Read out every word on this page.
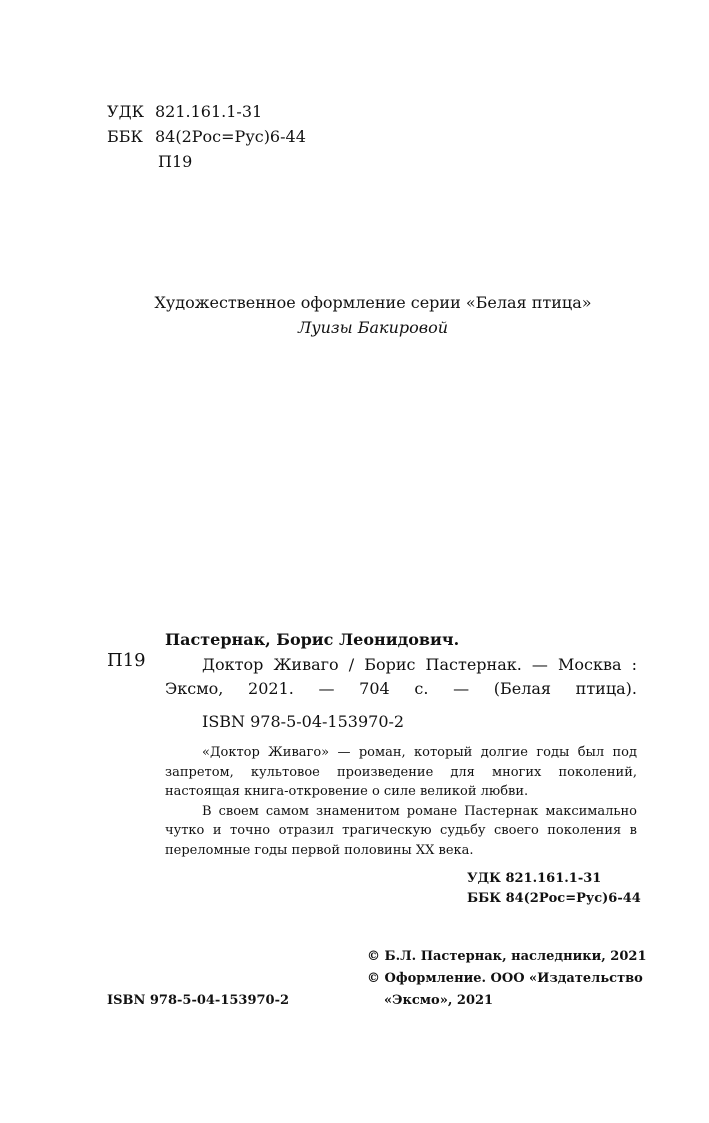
УДК 821.161.1-31
ББК 84(2Рос=Рус)6-44
П19
Художественное оформление серии «Белая птица»
Луизы Бакировой
П19
Пастернак, Борис Леонидович.
Доктор Живаго / Борис Пастернак. — Москва : Эксмо, 2021. — 704 с. — (Белая птица).
ISBN 978-5-04-153970-2

«Доктор Живаго» — роман, который долгие годы был под запретом, культовое произведение для многих поколений, настоящая книга-откровение о силе великой любви.

В своем самом знаменитом романе Пастернак максимально чутко и точно отразил трагическую судьбу своего поколения в переломные годы первой половины XX века.

УДК 821.161.1-31
ББК 84(2Рос=Рус)6-44
© Б.Л. Пастернак, наследники, 2021
© Оформление. ООО «Издательство
«Эксмо», 2021
ISBN 978-5-04-153970-2
